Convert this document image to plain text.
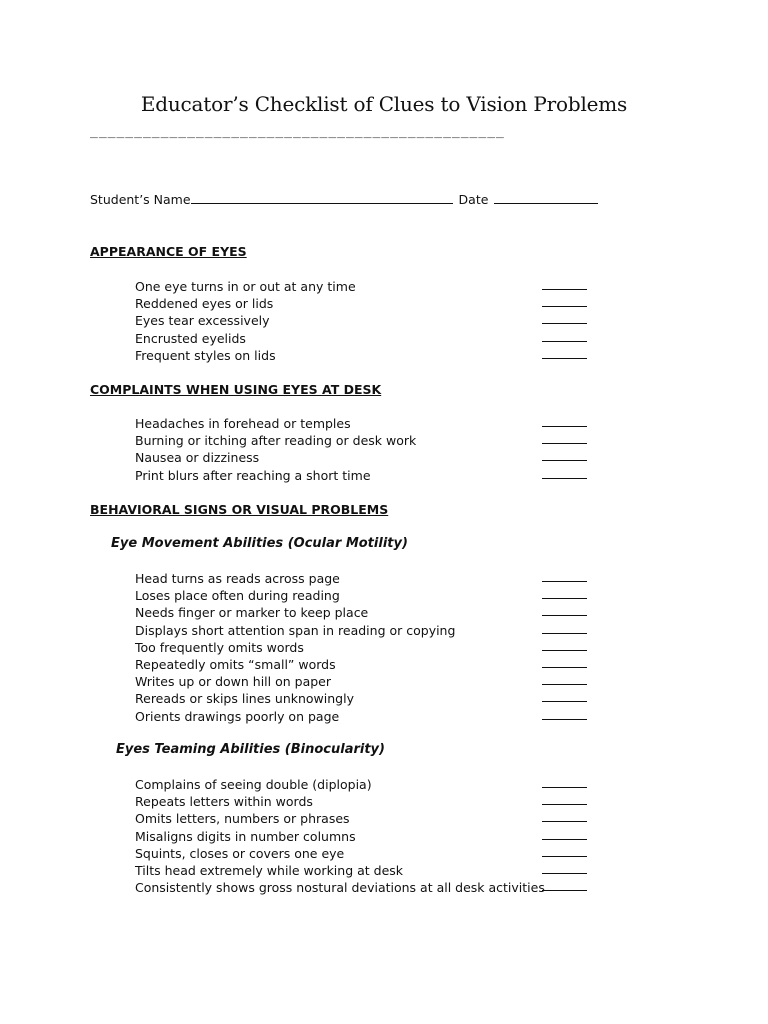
Educator’s Checklist of Clues to Vision Problems
_______________________________________________
Student’s Name	Date
APPEARANCE OF EYES
One eye turns in or out at any time
Reddened eyes or lids
Eyes tear excessively
Encrusted eyelids
Frequent styles on lids
COMPLAINTS WHEN USING EYES AT DESK
Headaches in forehead or temples
Burning or itching after reading or desk work
Nausea or dizziness
Print blurs after reaching a short time
BEHAVIORAL SIGNS OR VISUAL PROBLEMS
Eye Movement Abilities (Ocular Motility)
Head turns as reads across page
Loses place often during reading
Needs finger or marker to keep place
Displays short attention span in reading or copying
Too frequently omits words
Repeatedly omits “small” words
Writes up or down hill on paper
Rereads or skips lines unknowingly
Orients drawings poorly on page
Eyes Teaming Abilities (Binocularity)
Complains of seeing double (diplopia)
Repeats letters within words
Omits letters, numbers or phrases
Misaligns digits in number columns
Squints, closes or covers one eye
Tilts head extremely while working at desk
Consistently shows gross nostural deviations at all desk activities
